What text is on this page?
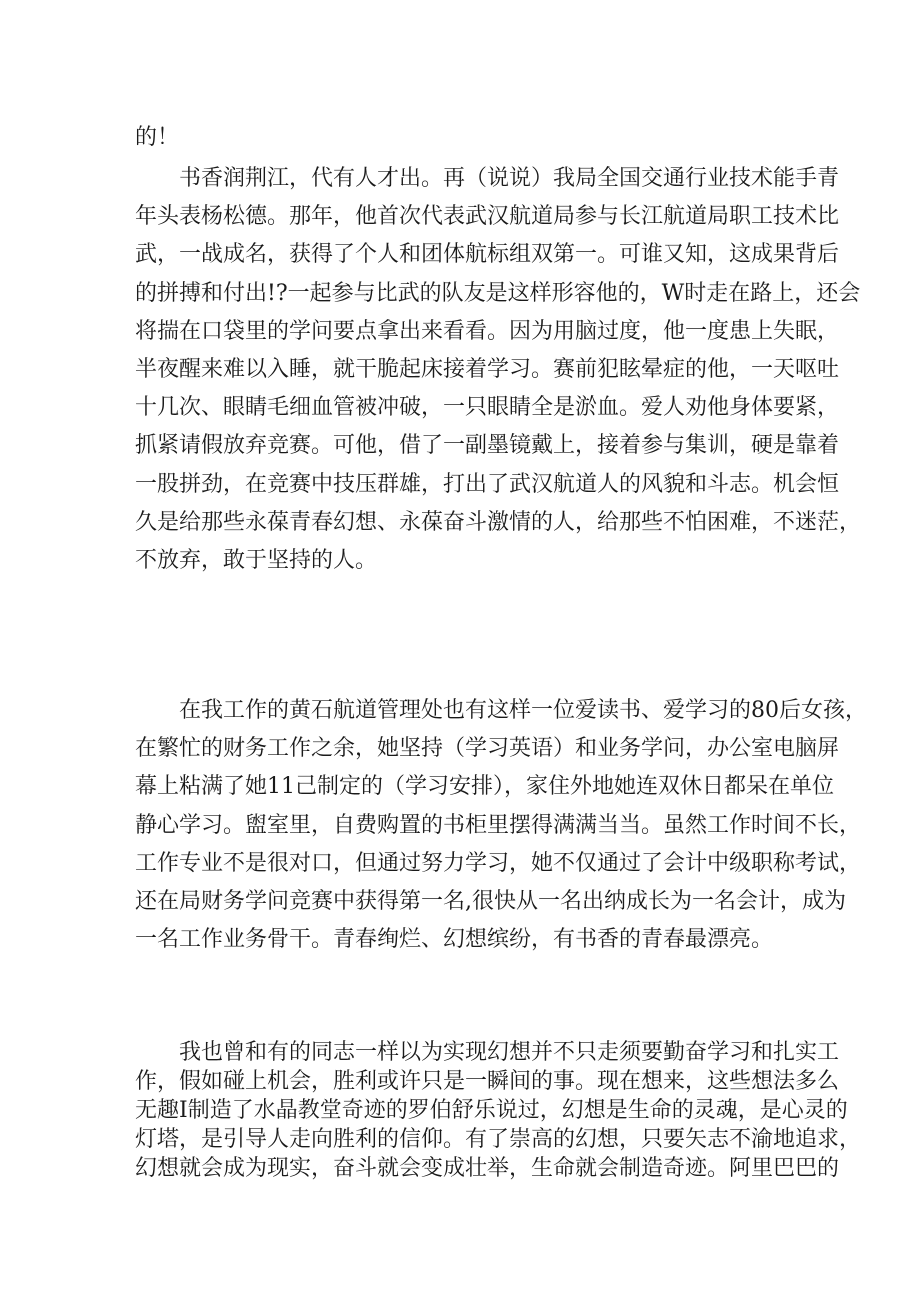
的！
书香润荆江，代有人才出。再（说说）我局全国交通行业技术能手青
年头表杨松德。那年，他首次代表武汉航道局参与长江航道局职工技术比
武，一战成名，获得了个人和团体航标组双第一。可谁又知，这成果背后
的拼搏和付出!?一起参与比武的队友是这样形容他的，W时走在路上，还会
将揣在口袋里的学问要点拿出来看看。因为用脑过度，他一度患上失眠，
半夜醒来难以入睡，就干脆起床接着学习。赛前犯眩晕症的他，一天呕吐
十几次、眼睛毛细血管被冲破，一只眼睛全是淤血。爱人劝他身体要紧，
抓紧请假放弃竞赛。可他，借了一副墨镜戴上，接着参与集训，硬是靠着
一股拼劲，在竞赛中技压群雄，打出了武汉航道人的风貌和斗志。机会恒
久是给那些永葆青春幻想、永葆奋斗激情的人，给那些不怕困难，不迷茫，
不放弃，敢于坚持的人。
在我工作的黄石航道管理处也有这样一位爱读书、爱学习的80后女孩，
在繁忙的财务工作之余，她坚持（学习英语）和业务学问，办公室电脑屏
幕上粘满了她11己制定的（学习安排），家住外地她连双休日都呆在单位
静心学习。盥室里，自费购置的书柜里摆得满满当当。虽然工作时间不长，
工作专业不是很对口，但通过努力学习，她不仅通过了会计中级职称考试，
还在局财务学问竞赛中获得第一名,很快从一名出纳成长为一名会计，成为
一名工作业务骨干。青春绚烂、幻想缤纷，有书香的青春最漂亮。
我也曾和有的同志一样以为实现幻想并不只走须要勤奋学习和扎实工
作，假如碰上机会，胜利或许只是一瞬间的事。现在想来，这些想法多么
无趣I制造了水晶教堂奇迹的罗伯舒乐说过，幻想是生命的灵魂，是心灵的
灯塔，是引导人走向胜利的信仰。有了崇高的幻想，只要矢志不渝地追求，
幻想就会成为现实，奋斗就会变成壮举，生命就会制造奇迹。阿里巴巴的
